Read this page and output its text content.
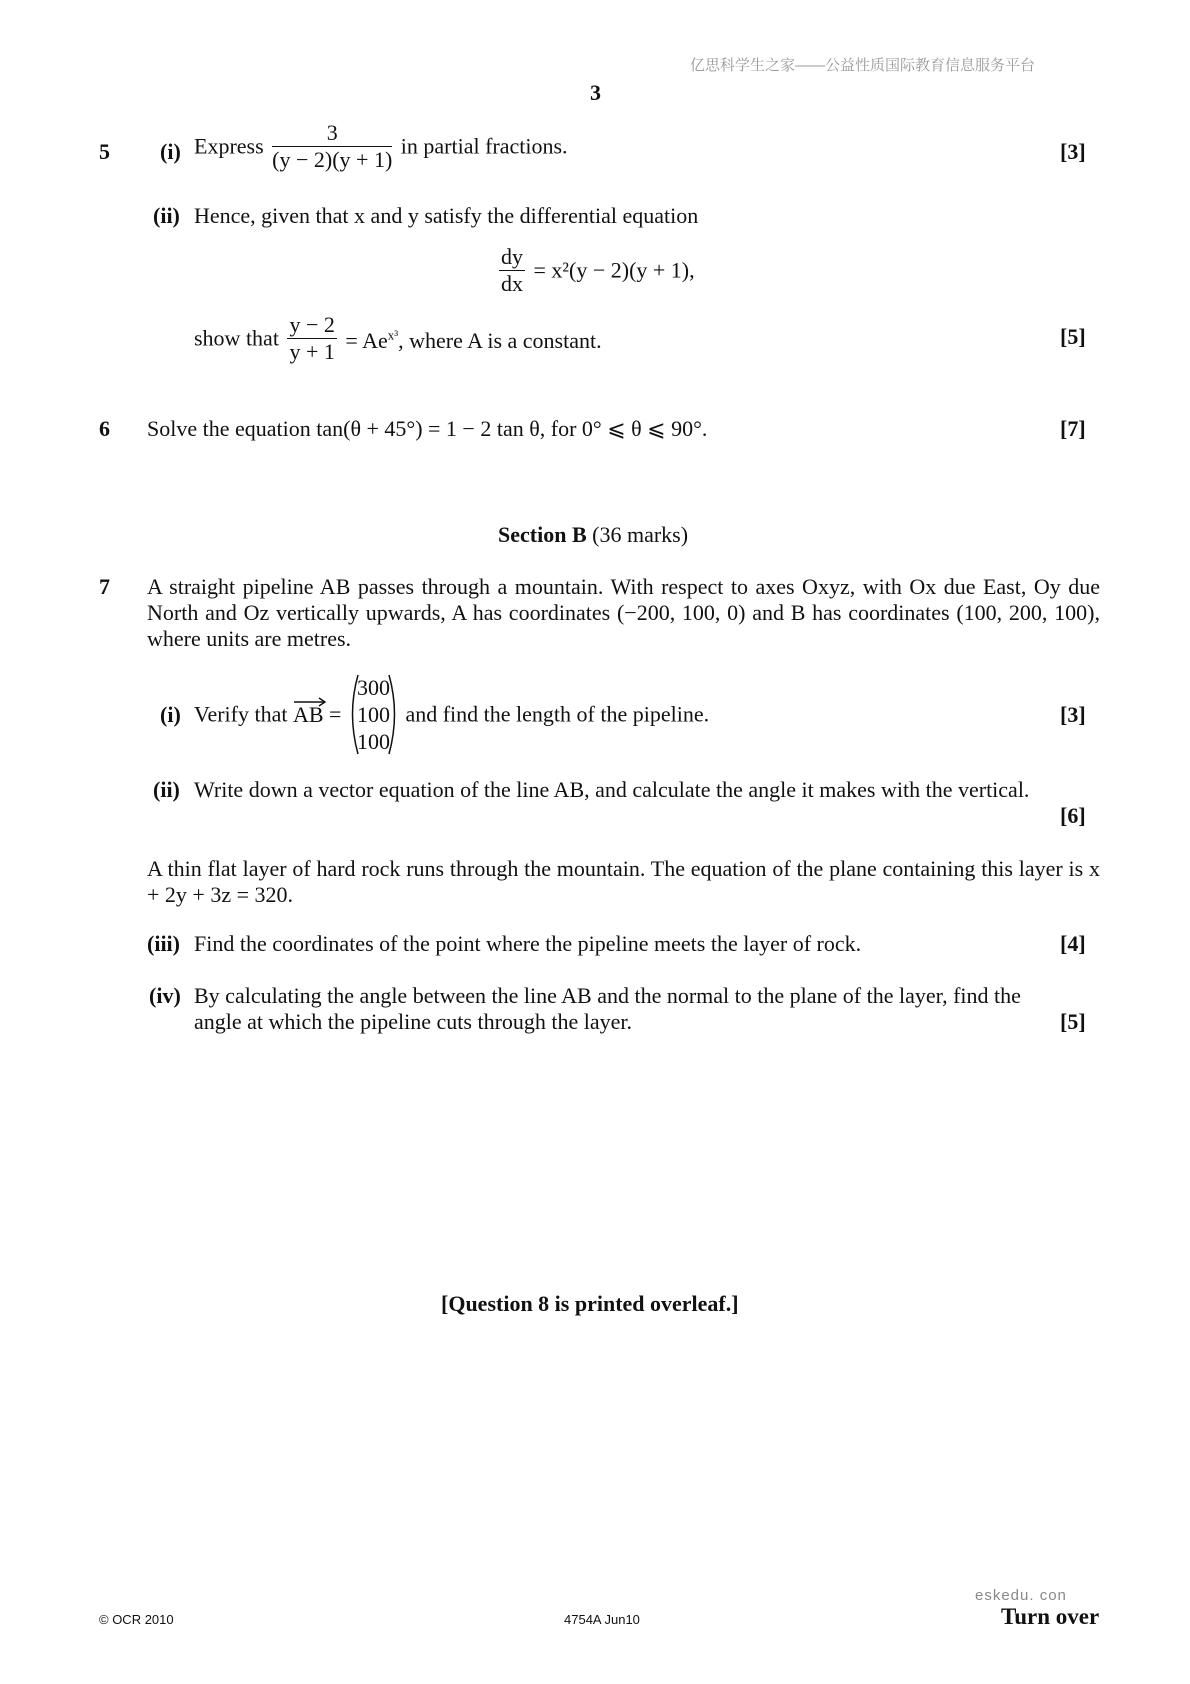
亿思科学生之家——公益性质国际教育信息服务平台
3
5 (i) Express $\frac{3}{(y - 2)(y + 1)}$ in partial fractions.	[3]
(ii) Hence, given that x and y satisfy the differential equation
$\frac{dy}{dx} = x^2(y - 2)(y + 1)$,
show that $\frac{y - 2}{y + 1} = Ae^{x^3}$, where A is a constant.	[5]
6 Solve the equation tan(θ + 45°) = 1 − 2 tan θ, for 0° ⩽ θ ⩽ 90°.	[7]
Section B (36 marks)
7 A straight pipeline AB passes through a mountain. With respect to axes Oxyz, with Ox due East, Oy due North and Oz vertically upwards, A has coordinates (−200, 100, 0) and B has coordinates (100, 200, 100), where units are metres.
(i) Verify that AB =
300
100
100
and find the length of the pipeline.	[3]
(ii) Write down a vector equation of the line AB, and calculate the angle it makes with the vertical.
[6]
A thin flat layer of hard rock runs through the mountain. The equation of the plane containing this layer is x + 2y + 3z = 320.
(iii) Find the coordinates of the point where the pipeline meets the layer of rock.	[4]
(iv) By calculating the angle between the line AB and the normal to the plane of the layer, find the
angle at which the pipeline cuts through the layer.	[5]
[Question 8 is printed overleaf.]
eskedu. con
© OCR 2010	4754A Jun10	Turn over
